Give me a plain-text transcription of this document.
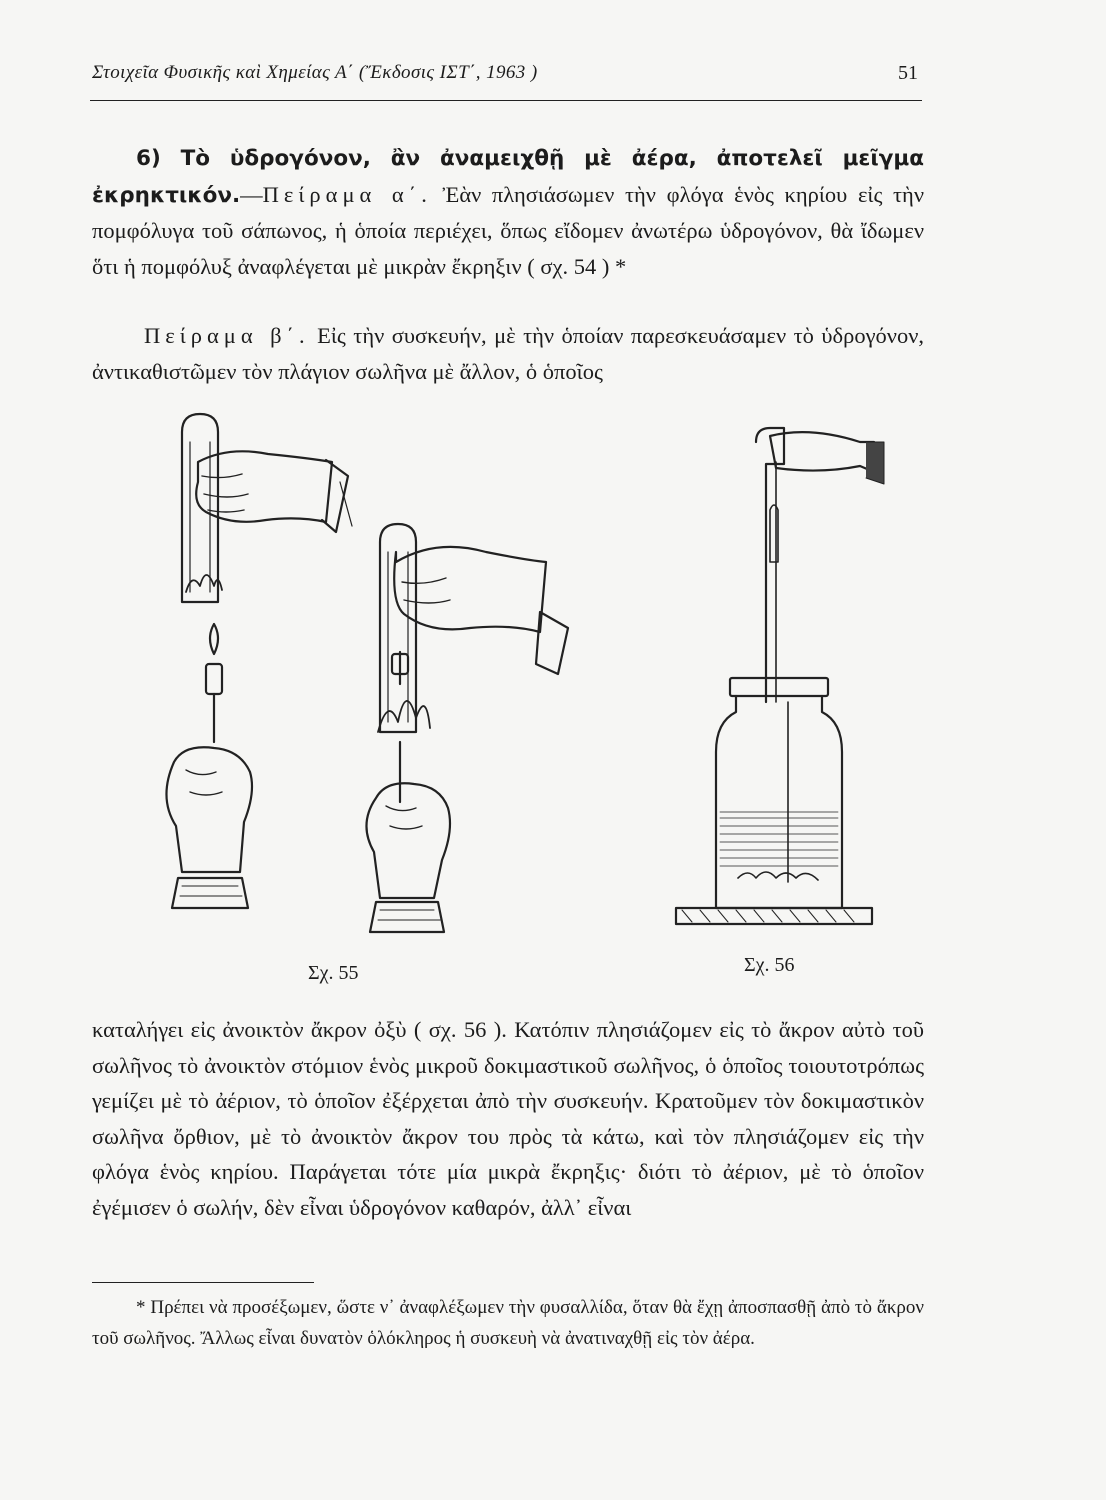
Στοιχεῖα Φυσικῆς καὶ Χημείας Α΄ (Ἔκδοσις ΙΣΤ΄, 1963 )	51
6) Τὸ ὑδρογόνον, ἂν ἀναμειχθῇ μὲ ἀέρα, ἀποτελεῖ μεῖγμα ἐκρηκτικόν.—Πείραμα α΄. Ἐὰν πλησιάσωμεν τὴν φλόγα ἑνὸς κηρίου εἰς τὴν πομφόλυγα τοῦ σάπωνος, ἡ ὁποία περιέχει, ὅπως εἴδομεν ἀνωτέρω ὑδρογόνον, θὰ ἴδωμεν ὅτι ἡ πομφόλυξ ἀναφλέγεται μὲ μικρὰν ἔκρηξιν ( σχ. 54 ) *
Πείραμα β΄. Εἰς τὴν συσκευήν, μὲ τὴν ὁποίαν παρεσκευάσαμεν τὸ ὑδρογόνον, ἀντικαθιστῶμεν τὸν πλάγιον σωλῆνα μὲ ἄλλον, ὁ ὁποῖος
Σχ. 55	Σχ. 56
καταλήγει εἰς ἀνοικτὸν ἄκρον ὀξὺ ( σχ. 56 ). Κατόπιν πλησιάζομεν εἰς τὸ ἄκρον αὐτὸ τοῦ σωλῆνος τὸ ἀνοικτὸν στόμιον ἑνὸς μικροῦ δοκιμαστικοῦ σωλῆνος, ὁ ὁποῖος τοιουτοτρόπως γεμίζει μὲ τὸ ἀέριον, τὸ ὁποῖον ἐξέρχεται ἀπὸ τὴν συσκευήν. Κρατοῦμεν τὸν δοκιμαστικὸν σωλῆνα ὄρθιον, μὲ τὸ ἀνοικτὸν ἄκρον του πρὸς τὰ κάτω, καὶ τὸν πλησιάζομεν εἰς τὴν φλόγα ἑνὸς κηρίου. Παράγεται τότε μία μικρὰ ἔκρηξις· διότι τὸ ἀέριον, μὲ τὸ ὁποῖον ἐγέμισεν ὁ σωλήν, δὲν εἶναι ὑδρογόνον καθαρόν, ἀλλ᾽ εἶναι
* Πρέπει νὰ προσέξωμεν, ὥστε ν᾽ ἀναφλέξωμεν τὴν φυσαλλίδα, ὅταν θὰ ἔχῃ ἀποσπασθῇ ἀπὸ τὸ ἄκρον τοῦ σωλῆνος. Ἄλλως εἶναι δυνατὸν ὁλόκληρος ἡ συσκευὴ νὰ ἀνατιναχθῇ εἰς τὸν ἀέρα.
